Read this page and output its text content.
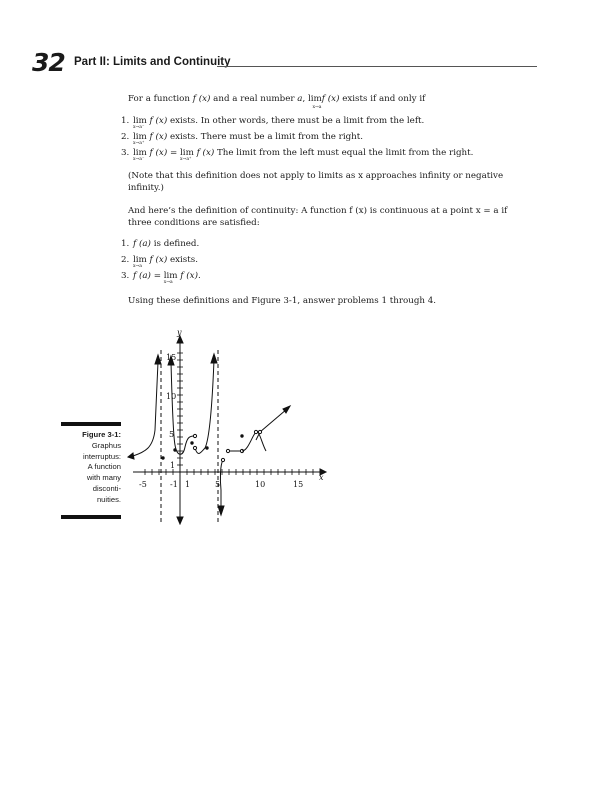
32 Part II: Limits and Continuity

For a function f (x) and a real number a, lim
x→a
f (x) exists if and only if

1. lim
x→a⁻
f (x) exists. In other words, there must be a limit from the left.
2. lim
x→a⁺
f (x) exists. There must be a limit from the right.
3. lim
x→a⁻
f (x) = lim
x→a⁺
f (x) The limit from the left must equal the limit from the right.

(Note that this definition does not apply to limits as x approaches infinity or negative infinity.)

And here’s the definition of continuity: A function f (x) is continuous at a point x = a if
three conditions are satisfied:

1. f (a) is defined.
2. lim
x→a
f (x) exists.
3. f (a) = lim
x→a
f (x).

Using these definitions and Figure 3-1, answer problems 1 through 4.

Figure 3-1:
Graphus
interruptus:
A function
with many
disconti-
nuities.
y
x
-5	-1 1	5	10	15
15
10
5
1
